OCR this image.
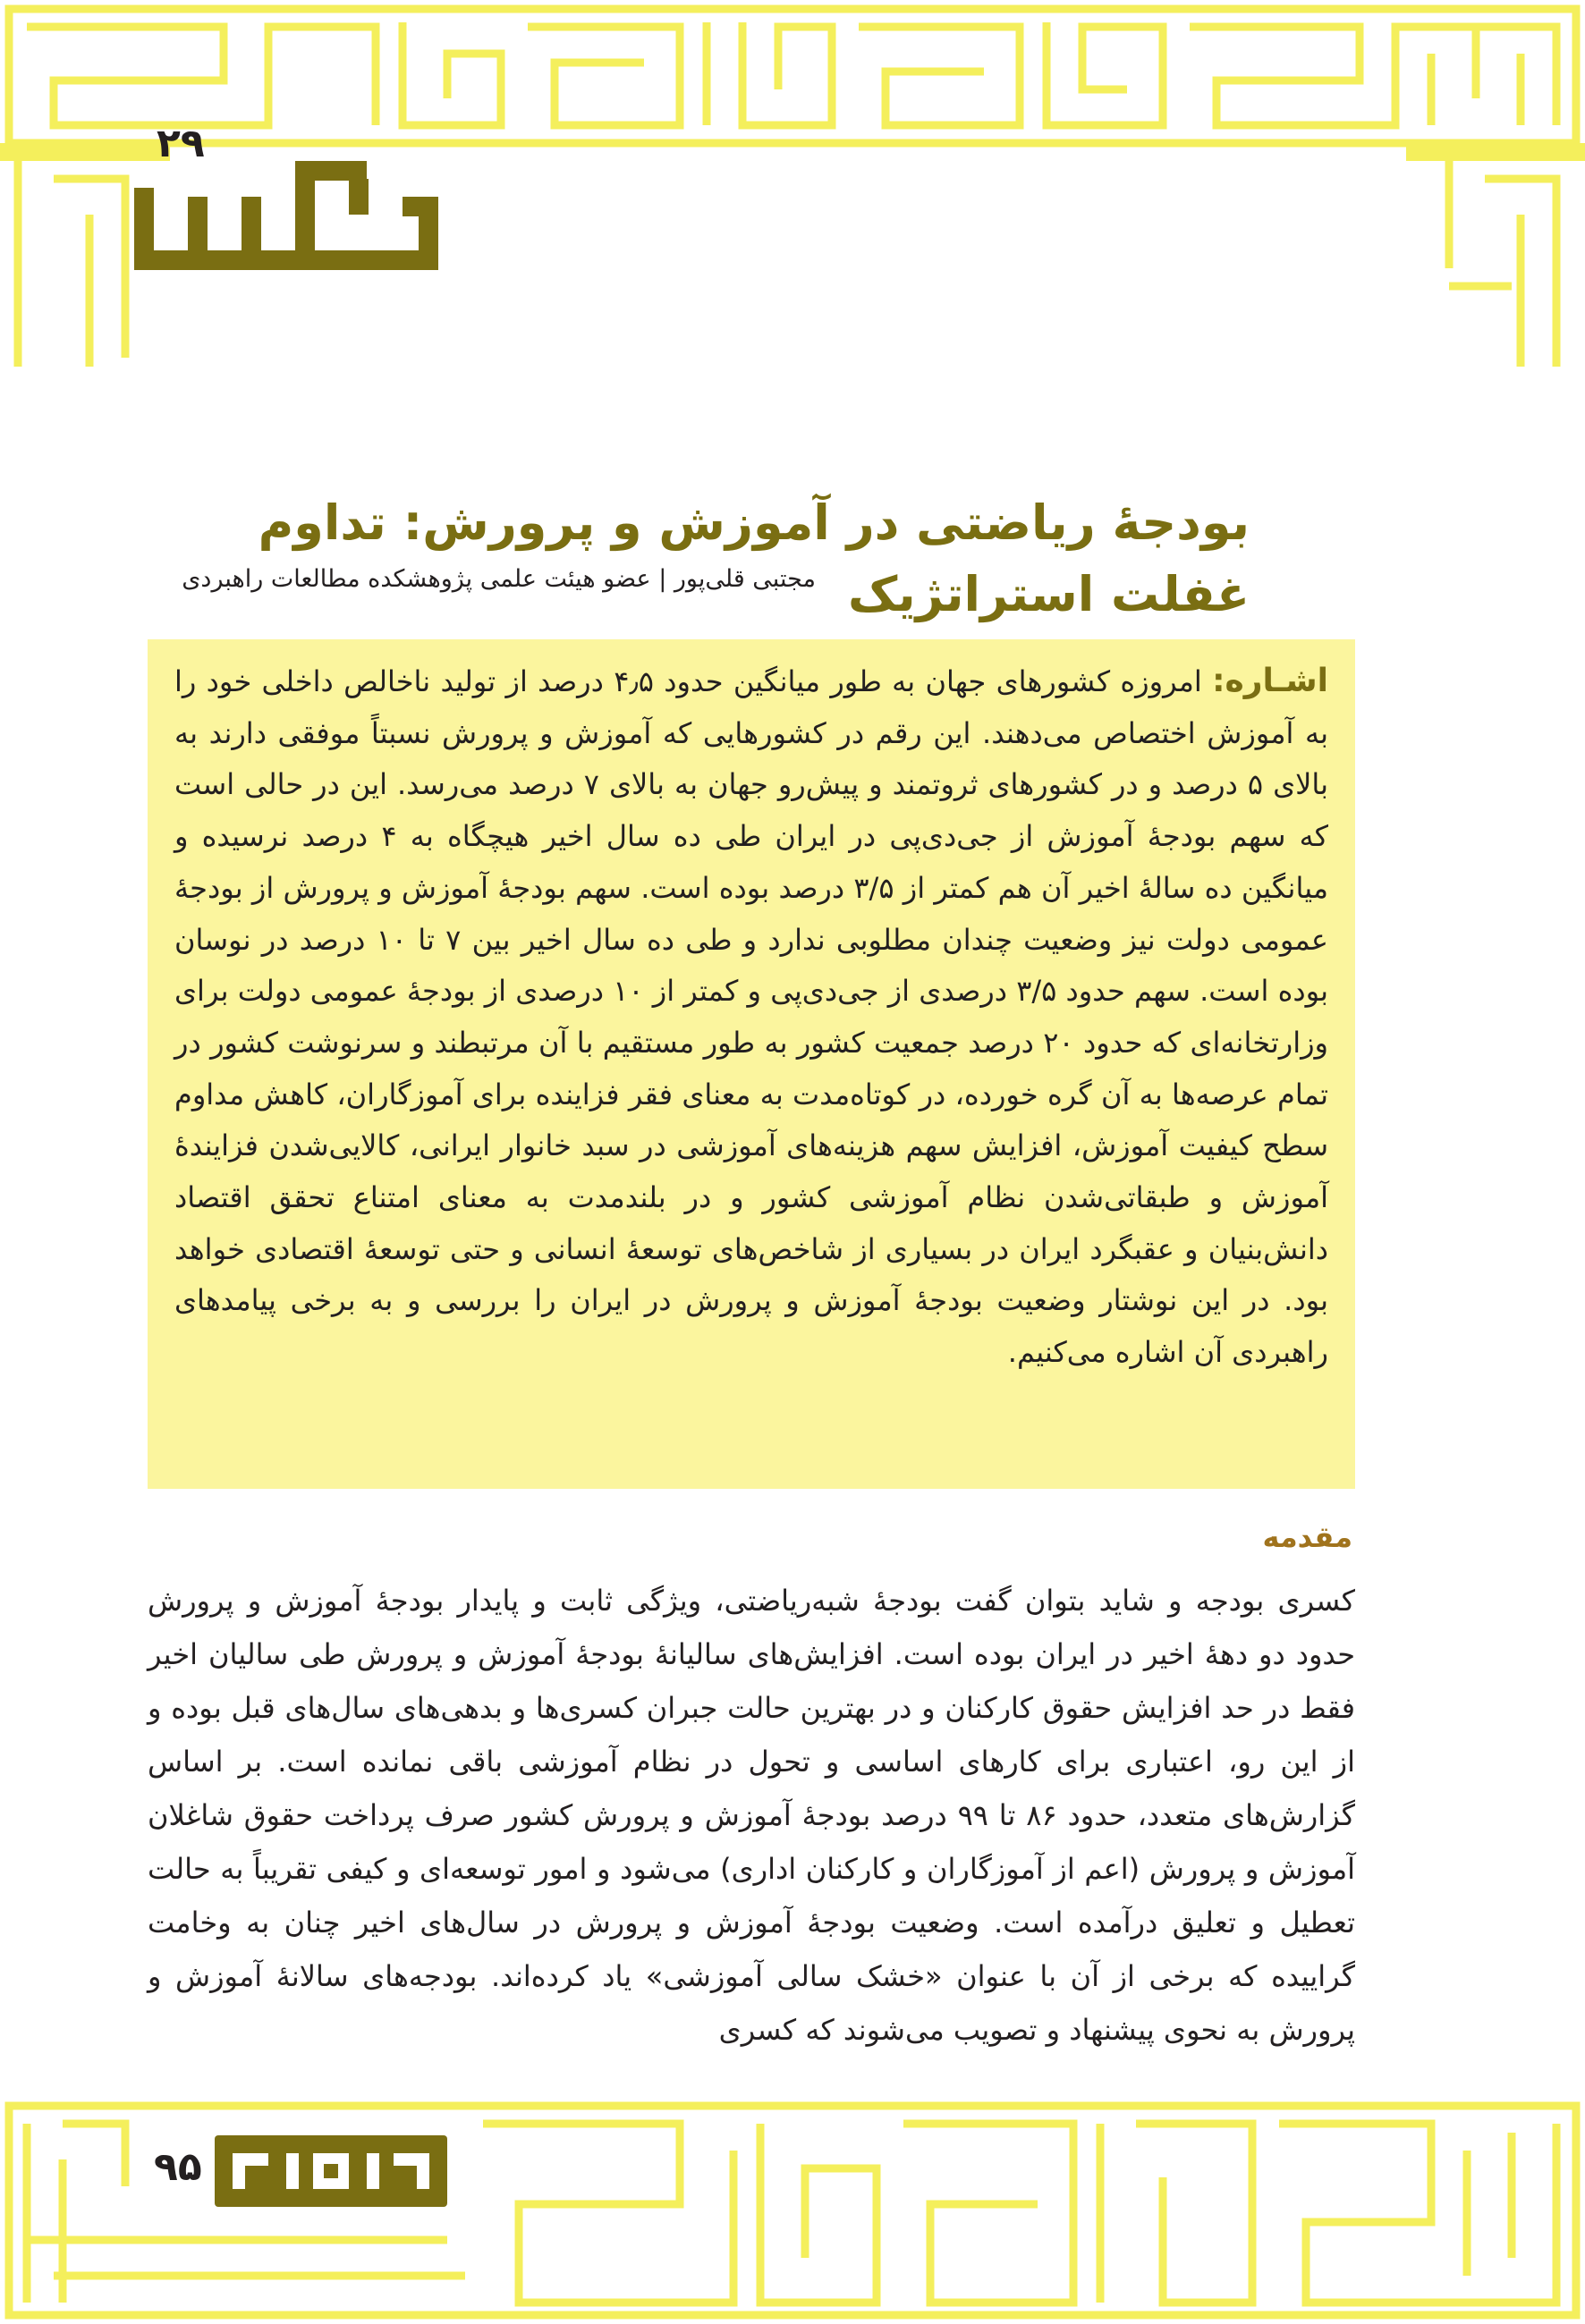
۲۹
بودجهٔ ریاضتی در آموزش و پرورش: تداوم غفلت استراتژیک
مجتبی قلی‌پور | عضو هیئت علمی پژوهشکده مطالعات راهبردی

اشـاره: امروزه کشورهای جهان به طور میانگین حدود ۴٫۵ درصد از تولید ناخالص داخلی خود را به آموزش اختصاص می‌دهند. این رقم در کشورهایی که آموزش و پرورش نسبتاً موفقی دارند به بالای ۵ درصد و در کشورهای ثروتمند و پیش‌رو جهان به بالای ۷ درصد می‌رسد. این در حالی است که سهم بودجهٔ آموزش از جی‌دی‌پی در ایران طی ده سال اخیر هیچگاه به ۴ درصد نرسیده و میانگین ده سالهٔ اخیر آن هم کمتر از ۳/۵ درصد بوده است. سهم بودجهٔ آموزش و پرورش از بودجهٔ عمومی دولت نیز وضعیت چندان مطلوبی ندارد و طی ده سال اخیر بین ۷ تا ۱۰ درصد در نوسان بوده است. سهم حدود ۳/۵ درصدی از جی‌دی‌پی و کمتر از ۱۰ درصدی از بودجهٔ عمومی دولت برای وزارتخانه‌ای که حدود ۲۰ درصد جمعیت کشور به طور مستقیم با آن مرتبطند و سرنوشت کشور در تمام عرصه‌ها به آن گره خورده، در کوتاه‌مدت به معنای فقر فزاینده برای آموزگاران، کاهش مداوم سطح کیفیت آموزش، افزایش سهم هزینه‌های آموزشی در سبد خانوار ایرانی، کالایی‌شدن فزایندهٔ آموزش و طبقاتی‌شدن نظام آموزشی کشور و در بلندمدت به معنای امتناع تحقق اقتصاد دانش‌بنیان و عقبگرد ایران در بسیاری از شاخص‌های توسعهٔ انسانی و حتی توسعهٔ اقتصادی خواهد بود. در این نوشتار وضعیت بودجهٔ آموزش و پرورش در ایران را بررسی و به برخی پیامدهای راهبردی آن اشاره می‌کنیم.

مقدمه

کسری بودجه و شاید بتوان گفت بودجهٔ شبه‌ریاضتی، ویژگی ثابت و پایدار بودجهٔ آموزش و پرورش حدود دو دههٔ اخیر در ایران بوده است. افزایش‌های سالیانهٔ بودجهٔ آموزش و پرورش طی سالیان اخیر فقط در حد افزایش حقوق کارکنان و در بهترین حالت جبران کسری‌ها و بدهی‌های سال‌های قبل بوده و از این رو، اعتباری برای کارهای اساسی و تحول در نظام آموزشی باقی نمانده است. بر اساس گزارش‌های متعدد، حدود ۸۶ تا ۹۹ درصد بودجهٔ آموزش و پرورش کشور صرف پرداخت حقوق شاغلان آموزش و پرورش (اعم از آموزگاران و کارکنان اداری) می‌شود و امور توسعه‌ای و کیفی تقریباً به حالت تعطیل و تعلیق درآمده است. وضعیت بودجهٔ آموزش و پرورش در سال‌های اخیر چنان به وخامت گراییده که برخی از آن با عنوان «خشک سالی آموزشی» یاد کرده‌اند. بودجه‌های سالانهٔ آموزش و پرورش به نحوی پیشنهاد و تصویب می‌شوند که کسری

۹۵
